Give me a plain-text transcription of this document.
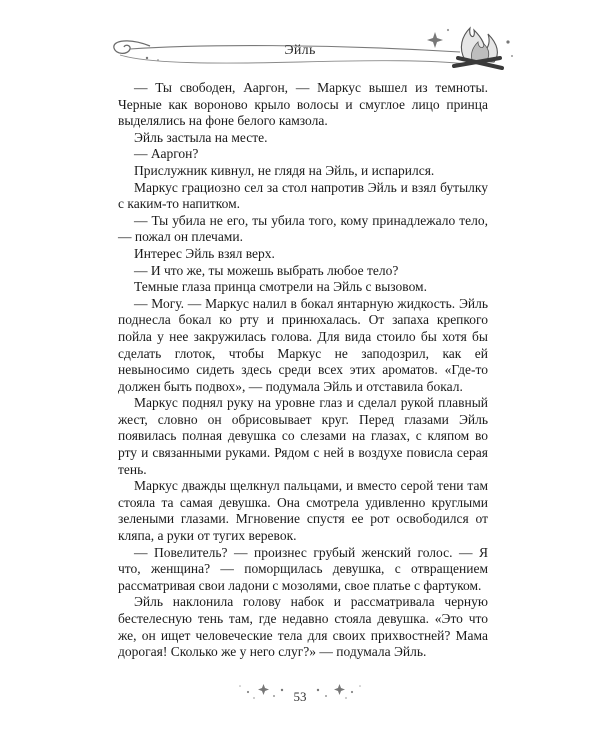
Эйль

— Ты свободен, Ааргон, — Маркус вышел из темноты. Черные как вороново крыло волосы и смуглое лицо принца выделялись на фоне белого камзола.

Эйль застыла на месте.

— Ааргон?

Прислужник кивнул, не глядя на Эйль, и испарился.

Маркус грациозно сел за стол напротив Эйль и взял бутылку с каким-то напитком.

— Ты убила не его, ты убила того, кому принадлежало тело, — пожал он плечами.

Интерес Эйль взял верх.

— И что же, ты можешь выбрать любое тело?

Темные глаза принца смотрели на Эйль с вызовом.

— Могу. — Маркус налил в бокал янтарную жидкость. Эйль поднесла бокал ко рту и принюхалась. От запаха крепкого пойла у нее закружилась голова. Для вида стоило бы хотя бы сделать глоток, чтобы Маркус не заподозрил, как ей невыносимо сидеть здесь среди всех этих ароматов. «Где-то должен быть подвох», — подумала Эйль и отставила бокал.

Маркус поднял руку на уровне глаз и сделал рукой плавный жест, словно он обрисовывает круг. Перед глазами Эйль появилась полная девушка со слезами на глазах, с кляпом во рту и связанными руками. Рядом с ней в воздухе повисла серая тень.

Маркус дважды щелкнул пальцами, и вместо серой тени там стояла та самая девушка. Она смотрела удивленно круглыми зелеными глазами. Мгновение спустя ее рот освободился от кляпа, а руки от тугих веревок.

— Повелитель? — произнес грубый женский голос. — Я что, женщина? — поморщилась девушка, с отвращением рассматривая свои ладони с мозолями, свое платье с фартуком.

Эйль наклонила голову набок и рассматривала черную бестелесную тень там, где недавно стояла девушка. «Это что же, он ищет человеческие тела для своих прихвостней? Мама дорогая! Сколько же у него слуг?» — подумала Эйль.

53
